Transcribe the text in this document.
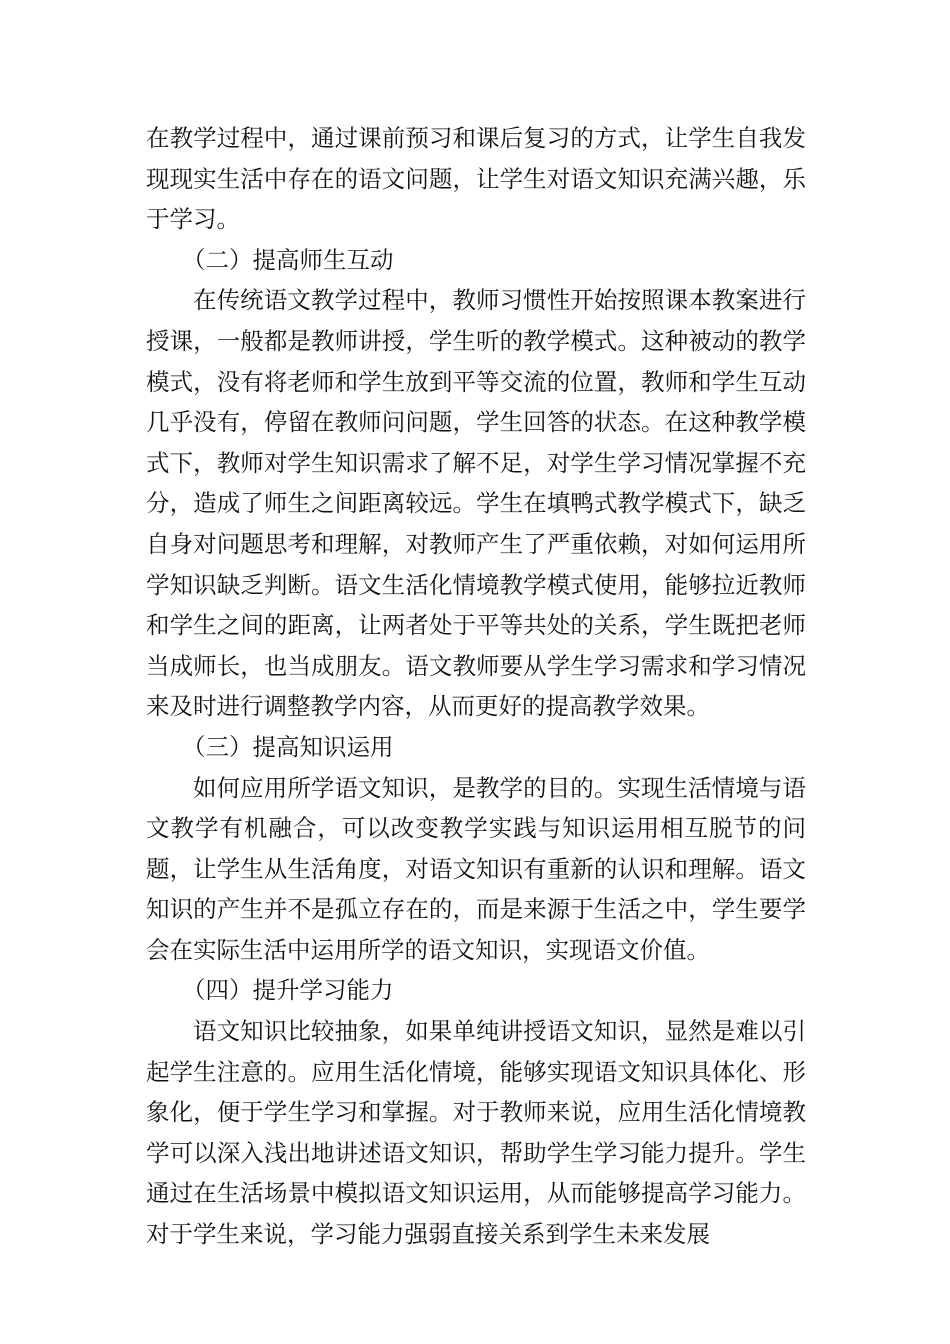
在教学过程中，通过课前预习和课后复习的方式，让学生自我发现现实生活中存在的语文问题，让学生对语文知识充满兴趣，乐于学习。

（二）提高师生互动

在传统语文教学过程中，教师习惯性开始按照课本教案进行授课，一般都是教师讲授，学生听的教学模式。这种被动的教学模式，没有将老师和学生放到平等交流的位置，教师和学生互动几乎没有，停留在教师问问题，学生回答的状态。在这种教学模式下，教师对学生知识需求了解不足，对学生学习情况掌握不充分，造成了师生之间距离较远。学生在填鸭式教学模式下，缺乏自身对问题思考和理解，对教师产生了严重依赖，对如何运用所学知识缺乏判断。语文生活化情境教学模式使用，能够拉近教师和学生之间的距离，让两者处于平等共处的关系，学生既把老师当成师长，也当成朋友。语文教师要从学生学习需求和学习情况来及时进行调整教学内容，从而更好的提高教学效果。

（三）提高知识运用

如何应用所学语文知识，是教学的目的。实现生活情境与语文教学有机融合，可以改变教学实践与知识运用相互脱节的问题，让学生从生活角度，对语文知识有重新的认识和理解。语文知识的产生并不是孤立存在的，而是来源于生活之中，学生要学会在实际生活中运用所学的语文知识，实现语文价值。

（四）提升学习能力

语文知识比较抽象，如果单纯讲授语文知识，显然是难以引起学生注意的。应用生活化情境，能够实现语文知识具体化、形象化，便于学生学习和掌握。对于教师来说，应用生活化情境教学可以深入浅出地讲述语文知识，帮助学生学习能力提升。学生通过在生活场景中模拟语文知识运用，从而能够提高学习能力。对于学生来说，学习能力强弱直接关系到学生未来发展
